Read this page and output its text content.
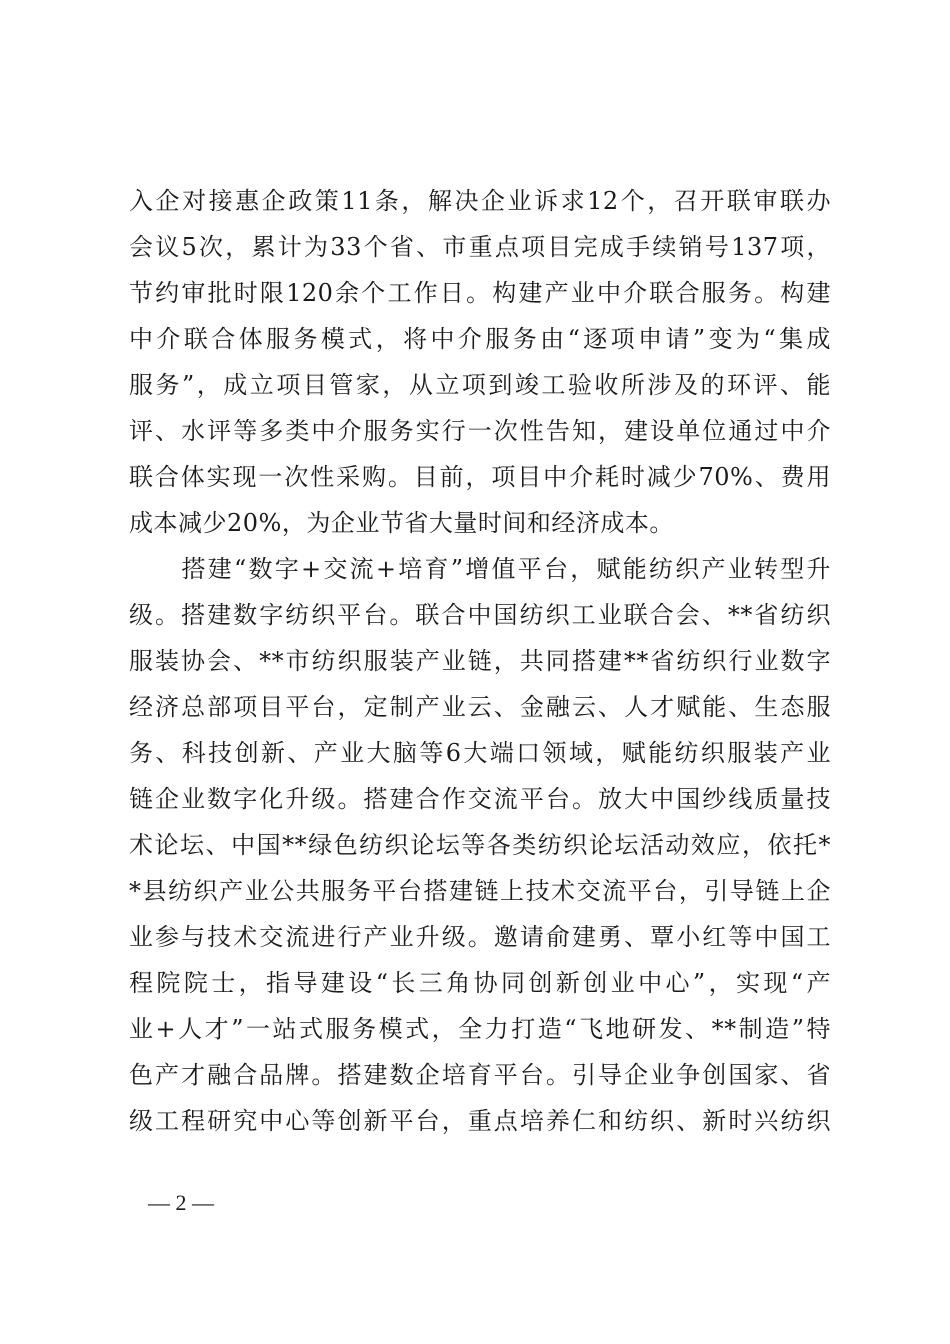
入企对接惠企政策11条，解决企业诉求12个，召开联审联办
会议5次，累计为33个省、市重点项目完成手续销号137项，
节约审批时限120余个工作日。构建产业中介联合服务。构建
中介联合体服务模式，将中介服务由“逐项申请”变为“集成
服务”，成立项目管家，从立项到竣工验收所涉及的环评、能
评、水评等多类中介服务实行一次性告知，建设单位通过中介
联合体实现一次性采购。目前，项目中介耗时减少70%、费用
成本减少20%，为企业节省大量时间和经济成本。
　　搭建“数字+交流+培育”增值平台，赋能纺织产业转型升
级。搭建数字纺织平台。联合中国纺织工业联合会、**省纺织
服装协会、**市纺织服装产业链，共同搭建**省纺织行业数字
经济总部项目平台，定制产业云、金融云、人才赋能、生态服
务、科技创新、产业大脑等6大端口领域，赋能纺织服装产业
链企业数字化升级。搭建合作交流平台。放大中国纱线质量技
术论坛、中国**绿色纺织论坛等各类纺织论坛活动效应，依托*
*县纺织产业公共服务平台搭建链上技术交流平台，引导链上企
业参与技术交流进行产业升级。邀请俞建勇、覃小红等中国工
程院院士，指导建设“长三角协同创新创业中心”，实现“产
业+人才”一站式服务模式，全力打造“飞地研发、**制造”特
色产才融合品牌。搭建数企培育平台。引导企业争创国家、省
级工程研究中心等创新平台，重点培养仁和纺织、新时兴纺织
— 2 —
